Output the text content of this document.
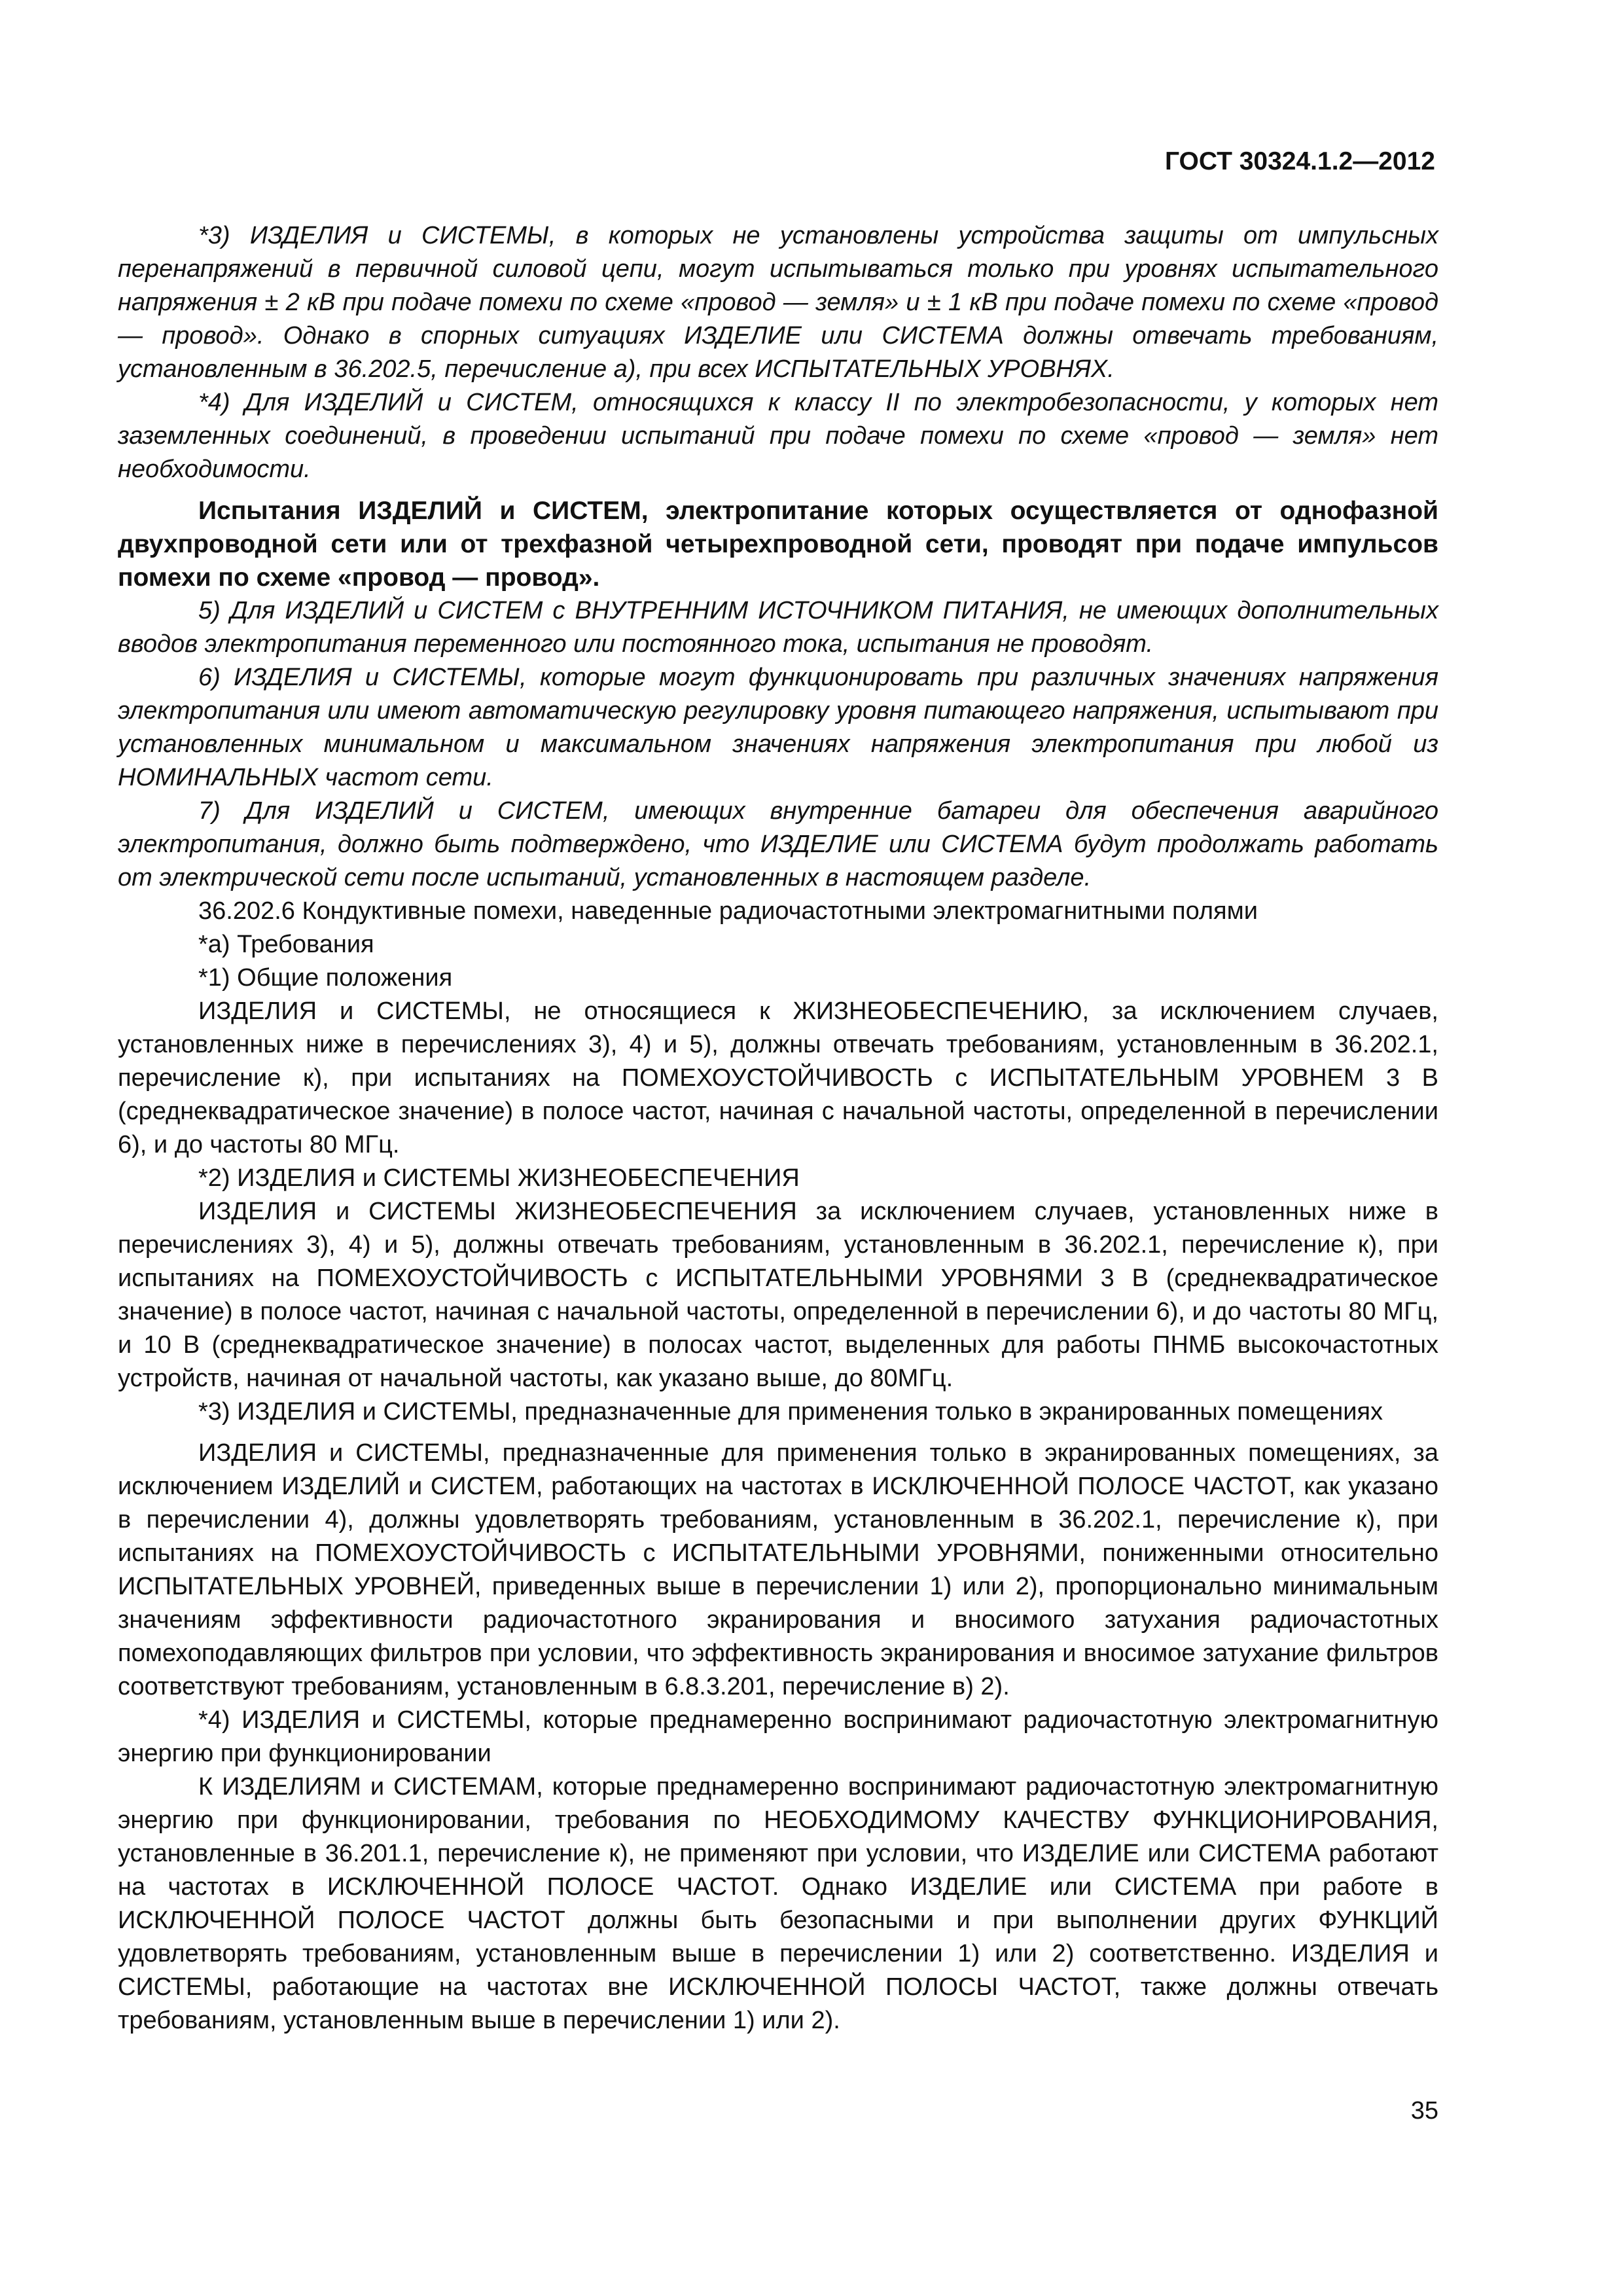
ГОСТ 30324.1.2—2012

*3) ИЗДЕЛИЯ и СИСТЕМЫ, в которых не установлены устройства защиты от импульсных перенапряжений в первичной силовой цепи, могут испытываться только при уровнях испытательного напряжения ± 2 кВ при подаче помехи по схеме «провод — земля» и ± 1 кВ при подаче помехи по схеме «провод — провод». Однако в спорных ситуациях ИЗДЕЛИЕ или СИСТЕМА должны отвечать требованиям, установленным в 36.202.5, перечисление а), при всех ИСПЫТАТЕЛЬНЫХ УРОВНЯХ.

*4) Для ИЗДЕЛИЙ и СИСТЕМ, относящихся к классу II по электробезопасности, у которых нет заземленных соединений, в проведении испытаний при подаче помехи по схеме «провод — земля» нет необходимости.

Испытания ИЗДЕЛИЙ и СИСТЕМ, электропитание которых осуществляется от однофазной двухпроводной сети или от трехфазной четырехпроводной сети, проводят при подаче импульсов помехи по схеме «провод — провод».

5) Для ИЗДЕЛИЙ и СИСТЕМ с ВНУТРЕННИМ ИСТОЧНИКОМ ПИТАНИЯ, не имеющих дополнительных вводов электропитания переменного или постоянного тока, испытания не проводят.

6) ИЗДЕЛИЯ и СИСТЕМЫ, которые могут функционировать при различных значениях напряжения электропитания или имеют автоматическую регулировку уровня питающего напряжения, испытывают при установленных минимальном и максимальном значениях напряжения электропитания при любой из НОМИНАЛЬНЫХ частот сети.

7) Для ИЗДЕЛИЙ и СИСТЕМ, имеющих внутренние батареи для обеспечения аварийного электропитания, должно быть подтверждено, что ИЗДЕЛИЕ или СИСТЕМА будут продолжать работать от электрической сети после испытаний, установленных в настоящем разделе.

36.202.6 Кондуктивные помехи, наведенные радиочастотными электромагнитными полями

*а) Требования

*1) Общие положения

ИЗДЕЛИЯ и СИСТЕМЫ, не относящиеся к ЖИЗНЕОБЕСПЕЧЕНИЮ, за исключением случаев, установленных ниже в перечислениях 3), 4) и 5), должны отвечать требованиям, установленным в 36.202.1, перечисление к), при испытаниях на ПОМЕХОУСТОЙЧИВОСТЬ с ИСПЫТАТЕЛЬНЫМ УРОВНЕМ 3 В (среднеквадратическое значение) в полосе частот, начиная с начальной частоты, определенной в перечислении 6), и до частоты 80 МГц.

*2) ИЗДЕЛИЯ и СИСТЕМЫ ЖИЗНЕОБЕСПЕЧЕНИЯ

ИЗДЕЛИЯ и СИСТЕМЫ ЖИЗНЕОБЕСПЕЧЕНИЯ за исключением случаев, установленных ниже в перечислениях 3), 4) и 5), должны отвечать требованиям, установленным в 36.202.1, перечисление к), при испытаниях на ПОМЕХОУСТОЙЧИВОСТЬ с ИСПЫТАТЕЛЬНЫМИ УРОВНЯМИ 3 В (среднеквадратическое значение) в полосе частот, начиная с начальной частоты, определенной в перечислении 6), и до частоты 80 МГц, и 10 В (среднеквадратическое значение) в полосах частот, выделенных для работы ПНМБ высокочастотных устройств, начиная от начальной частоты, как указано выше, до 80МГц.

*3) ИЗДЕЛИЯ и СИСТЕМЫ, предназначенные для применения только в экранированных помещениях

ИЗДЕЛИЯ и СИСТЕМЫ, предназначенные для применения только в экранированных помещениях, за исключением ИЗДЕЛИЙ и СИСТЕМ, работающих на частотах в ИСКЛЮЧЕННОЙ ПОЛОСЕ ЧАСТОТ, как указано в перечислении 4), должны удовлетворять требованиям, установленным в 36.202.1, перечисление к), при испытаниях на ПОМЕХОУСТОЙЧИВОСТЬ с ИСПЫТАТЕЛЬНЫМИ УРОВНЯМИ, пониженными относительно ИСПЫТАТЕЛЬНЫХ УРОВНЕЙ, приведенных выше в перечислении 1) или 2), пропорционально минимальным значениям эффективности радиочастотного экранирования и вносимого затухания радиочастотных помехоподавляющих фильтров при условии, что эффективность экранирования и вносимое затухание фильтров соответствуют требованиям, установленным в 6.8.3.201, перечисление в) 2).

*4) ИЗДЕЛИЯ и СИСТЕМЫ, которые преднамеренно воспринимают радиочастотную электромагнитную энергию при функционировании

К ИЗДЕЛИЯМ и СИСТЕМАМ, которые преднамеренно воспринимают радиочастотную электромагнитную энергию при функционировании, требования по НЕОБХОДИМОМУ КАЧЕСТВУ ФУНКЦИОНИРОВАНИЯ, установленные в 36.201.1, перечисление к), не применяют при условии, что ИЗДЕЛИЕ или СИСТЕМА работают на частотах в ИСКЛЮЧЕННОЙ ПОЛОСЕ ЧАСТОТ. Однако ИЗДЕЛИЕ или СИСТЕМА при работе в ИСКЛЮЧЕННОЙ ПОЛОСЕ ЧАСТОТ должны быть безопасными и при выполнении других ФУНКЦИЙ удовлетворять требованиям, установленным выше в перечислении 1) или 2) соответственно. ИЗДЕЛИЯ и СИСТЕМЫ, работающие на частотах вне ИСКЛЮЧЕННОЙ ПОЛОСЫ ЧАСТОТ, также должны отвечать требованиям, установленным выше в перечислении 1) или 2).

35
